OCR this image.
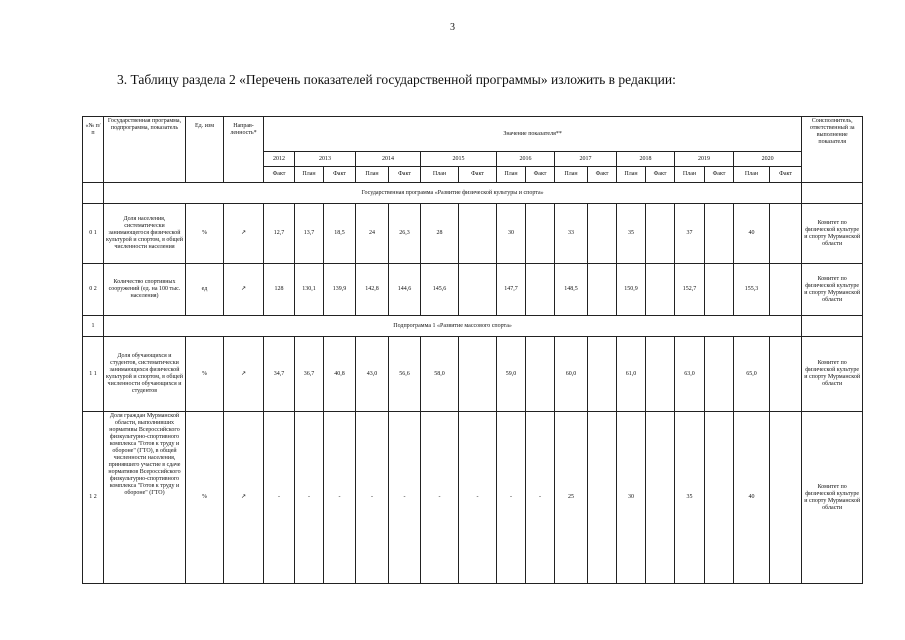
3
3. Таблицу раздела 2 «Перечень показателей государственной программы» изложить в редакции:
«№ п/п	Государственная программа, подпрограмма, показатель	Ед. изм	Направ-ленность*	Значение показателя**																	Соисполнитель, ответственный за выполнение показателя
				2012	2013		2014		2015		2016		2017		2018		2019		2020		
				Факт	План	Факт	План	Факт	План	Факт	План	Факт	План	Факт	План	Факт	План	Факт	План	Факт	
	Государственная программа «Развитие физической культуры и спорта»																				
0 1	Доля населения, систематически занимающегося физической культурой и спортом, в общей численности населения	%	↗	12,7	13,7	18,5	24	26,3	28		30		33		35		37		40		Комитет по физической культуре и спорту Мурманской области
0 2	Количество спортивных сооружений (ед. на 100 тыс. населения)	ед	↗	128	130,1	139,9	142,8	144,6	145,6		147,7		148,5		150,9		152,7		155,3		Комитет по физической культуре и спорту Мурманской области
1	Подпрограмма 1 «Развитие массового спорта»																				
1 1	Доля обучающихся и студентов, систематически занимающихся физической культурой и спортом, в общей численности обучающихся и студентов	%	↗	34,7	36,7	40,8	43,0	56,6	58,0		59,0		60,0		61,0		63,0		65,0		Комитет по физической культуре и спорту Мурманской области
1 2	Доля граждан Мурманской области, выполнивших нормативы Всероссийского физкультурно-спортивного комплекса "Готов к труду и обороне" (ГТО), в общей численности населения, принявшего участие в сдаче нормативов Всероссийского физкультурно-спортивного комплекса "Готов к труду и обороне" (ГТО)	%	↗	-	-	-	-	-	-	-	-	-	25		30		35		40		Комитет по физической культуре и спорту Мурманской области
